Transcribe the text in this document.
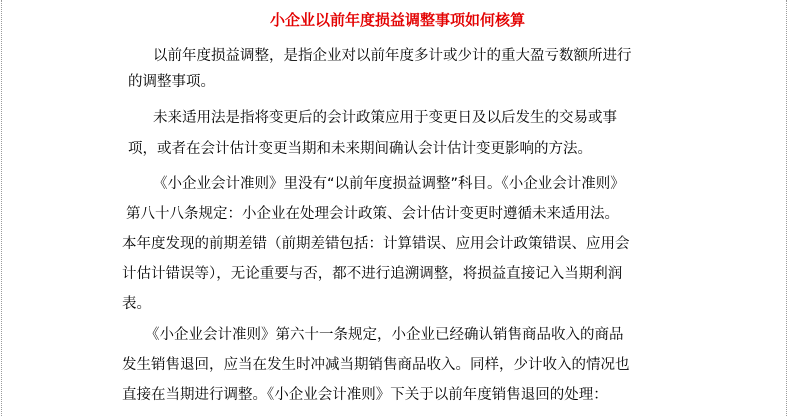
小企业以前年度损益调整事项如何核算
以前年度损益调整，是指企业对以前年度多计或少计的重大盈亏数额所进行
的调整事项。
未来适用法是指将变更后的会计政策应用于变更日及以后发生的交易或事
项，或者在会计估计变更当期和未来期间确认会计估计变更影响的方法。
《小企业会计准则》里没有“以前年度损益调整”科目。《小企业会计准则》
第八十八条规定：小企业在处理会计政策、会计估计变更时遵循未来适用法。
本年度发现的前期差错（前期差错包括：计算错误、应用会计政策错误、应用会
计估计错误等），无论重要与否，都不进行追溯调整，将损益直接记入当期利润
表。
《小企业会计准则》第六十一条规定，小企业已经确认销售商品收入的商品
发生销售退回，应当在发生时冲减当期销售商品收入。同样，少计收入的情况也
直接在当期进行调整。《小企业会计准则》下关于以前年度销售退回的处理：
